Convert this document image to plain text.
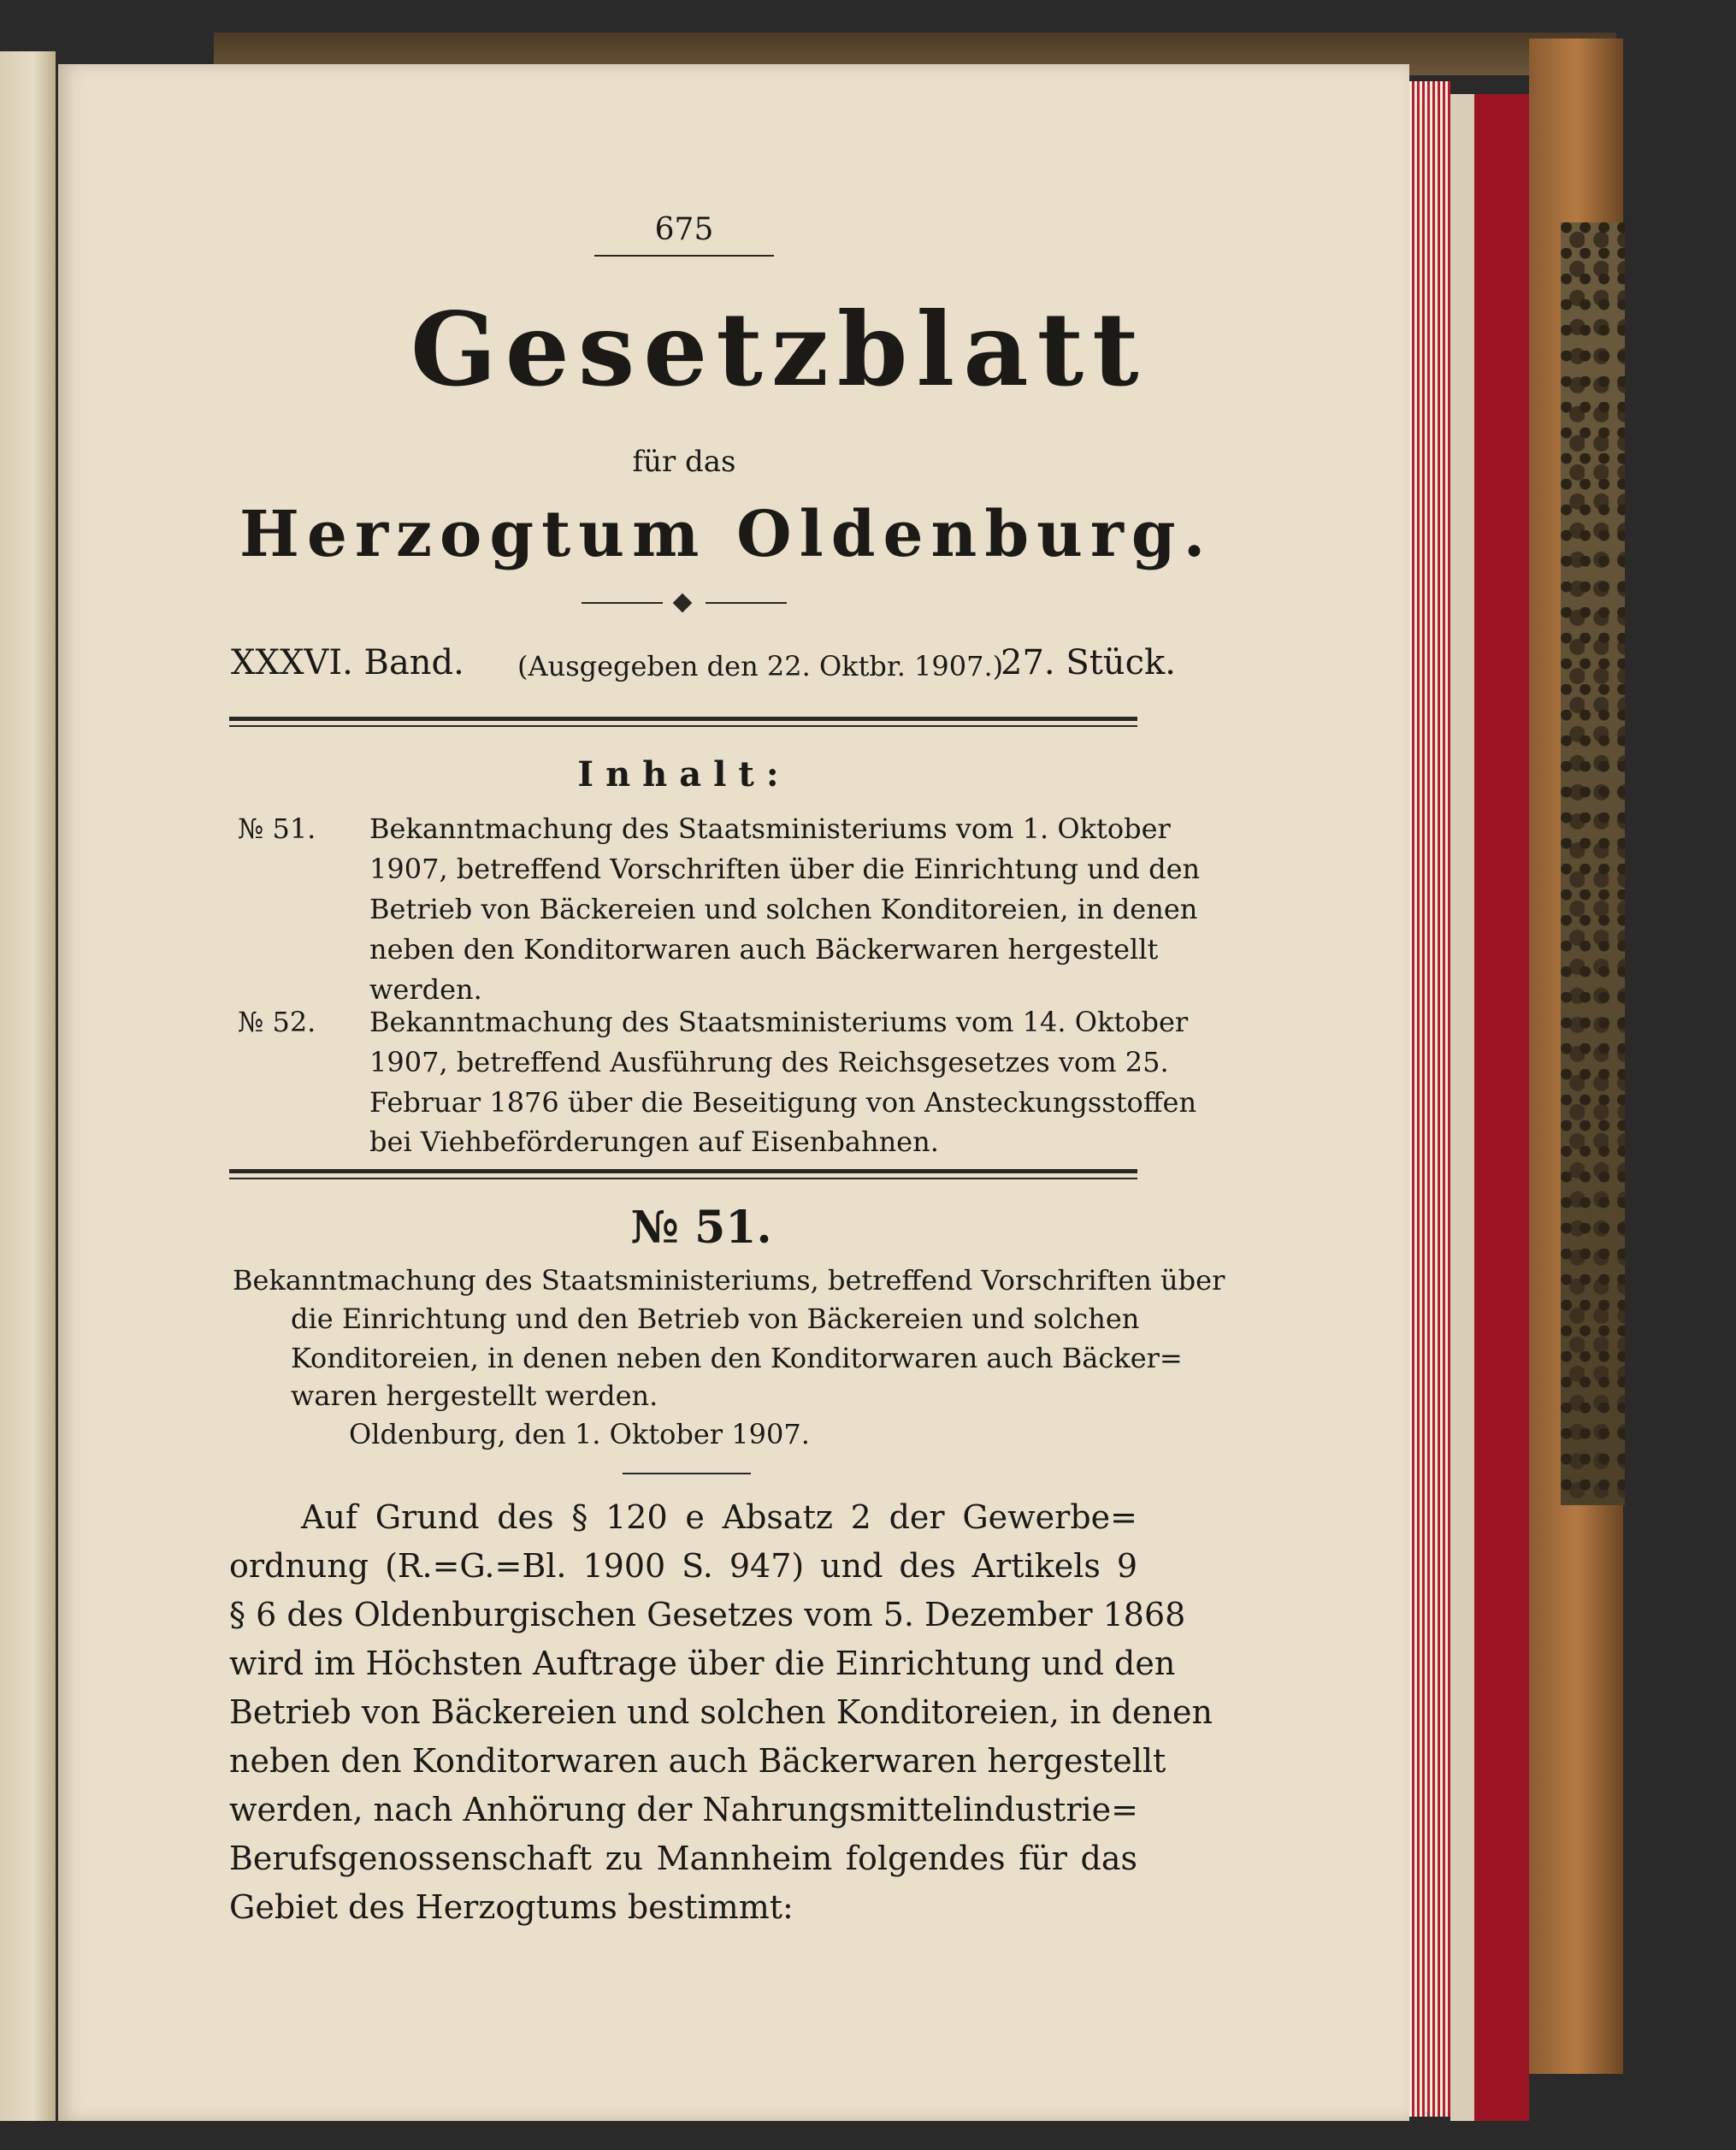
675

Gesetzblatt

für das

Herzogtum Oldenburg.

XXXVI. Band. (Ausgegeben den 22. Oktbr. 1907.)

27. Stück.

Inhalt:

№ 51. Bekanntmachung des Staatsministeriums vom 1. Oktober

1907, betreffend Vorschriften über die Einrichtung und den

Betrieb von Bäckereien und solchen Konditoreien, in denen

neben den Konditorwaren auch Bäckerwaren hergestellt

werden.

№ 52. Bekanntmachung des Staatsministeriums vom 14. Oktober

1907, betreffend Ausführung des Reichsgesetzes vom 25.

Februar 1876 über die Beseitigung von Ansteckungsstoffen

bei Viehbeförderungen auf Eisenbahnen.

№ 51.

Bekanntmachung des Staatsministeriums, betreffend Vorschriften über

die Einrichtung und den Betrieb von Bäckereien und solchen

Konditoreien, in denen neben den Konditorwaren auch Bäcker=

waren hergestellt werden.

Oldenburg, den 1. Oktober 1907.

Auf Grund des § 120 e Absatz 2 der Gewerbe=

ordnung (R.=G.=Bl. 1900 S. 947) und des Artikels 9

§ 6 des Oldenburgischen Gesetzes vom 5. Dezember 1868

wird im Höchsten Auftrage über die Einrichtung und den

Betrieb von Bäckereien und solchen Konditoreien, in denen

neben den Konditorwaren auch Bäckerwaren hergestellt

werden, nach Anhörung der Nahrungsmittelindustrie=

Berufsgenossenschaft zu Mannheim folgendes für das

Gebiet des Herzogtums bestimmt:
